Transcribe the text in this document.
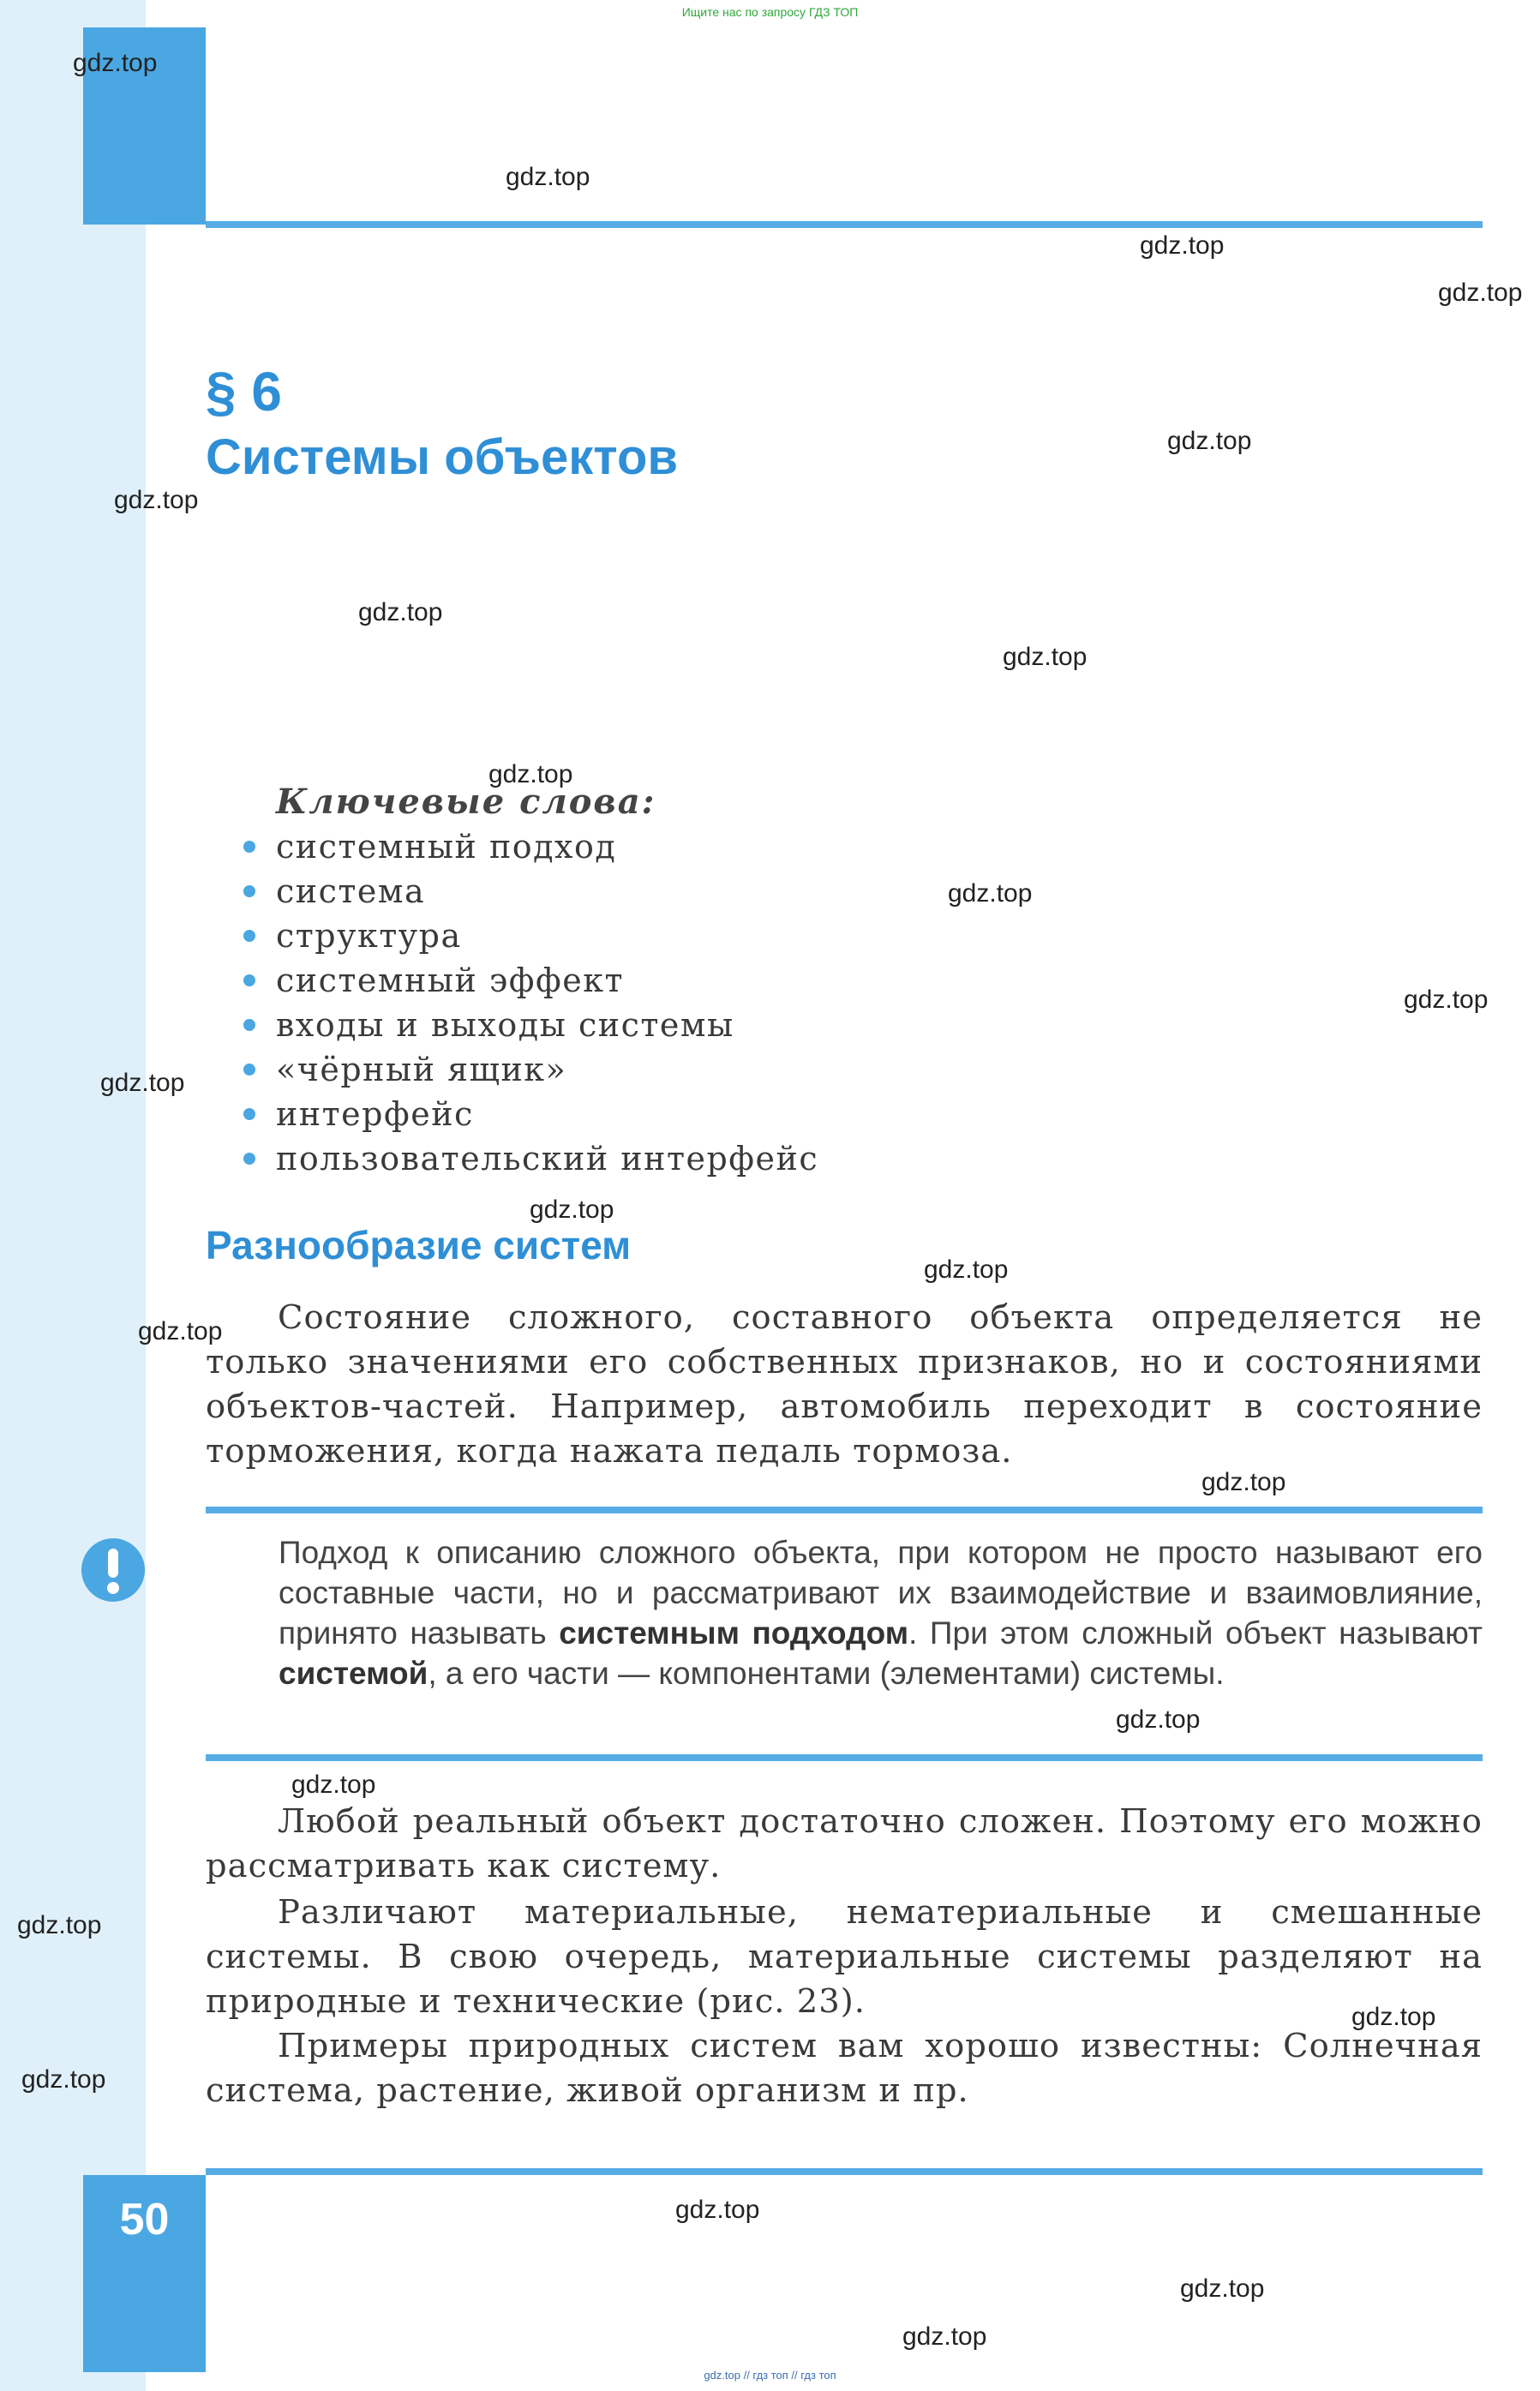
Ищите нас по запросу ГДЗ ТОП
§ 6
Системы объектов
Ключевые слова:
системный подход
система
структура
системный эффект
входы и выходы системы
«чёрный ящик»
интерфейс
пользовательский интерфейс
Разнообразие систем
Состояние сложного, составного объекта определяется не только значениями его собственных признаков, но и состояниями объектов-частей. Например, автомобиль переходит в состояние торможения, когда нажата педаль тормоза.
Подход к описанию сложного объекта, при котором не просто называют его составные части, но и рассматривают их взаимодействие и взаимовлияние, принято называть системным подходом. При этом сложный объект называют системой, а его части — компонентами (элементами) системы.
Любой реальный объект достаточно сложен. Поэтому его можно рассматривать как систему.
Различают материальные, нематериальные и смешанные системы. В свою очередь, материальные системы разделяют на природные и технические (рис. 23).
Примеры природных систем вам хорошо известны: Солнечная система, растение, живой организм и пр.
50
gdz.top // гдз топ // гдз топ
gdz.top
gdz.top
gdz.top
gdz.top
gdz.top
gdz.top
gdz.top
gdz.top
gdz.top
gdz.top
gdz.top
gdz.top
gdz.top
gdz.top
gdz.top
gdz.top
gdz.top
gdz.top
gdz.top
gdz.top
gdz.top
gdz.top
gdz.top
gdz.top
